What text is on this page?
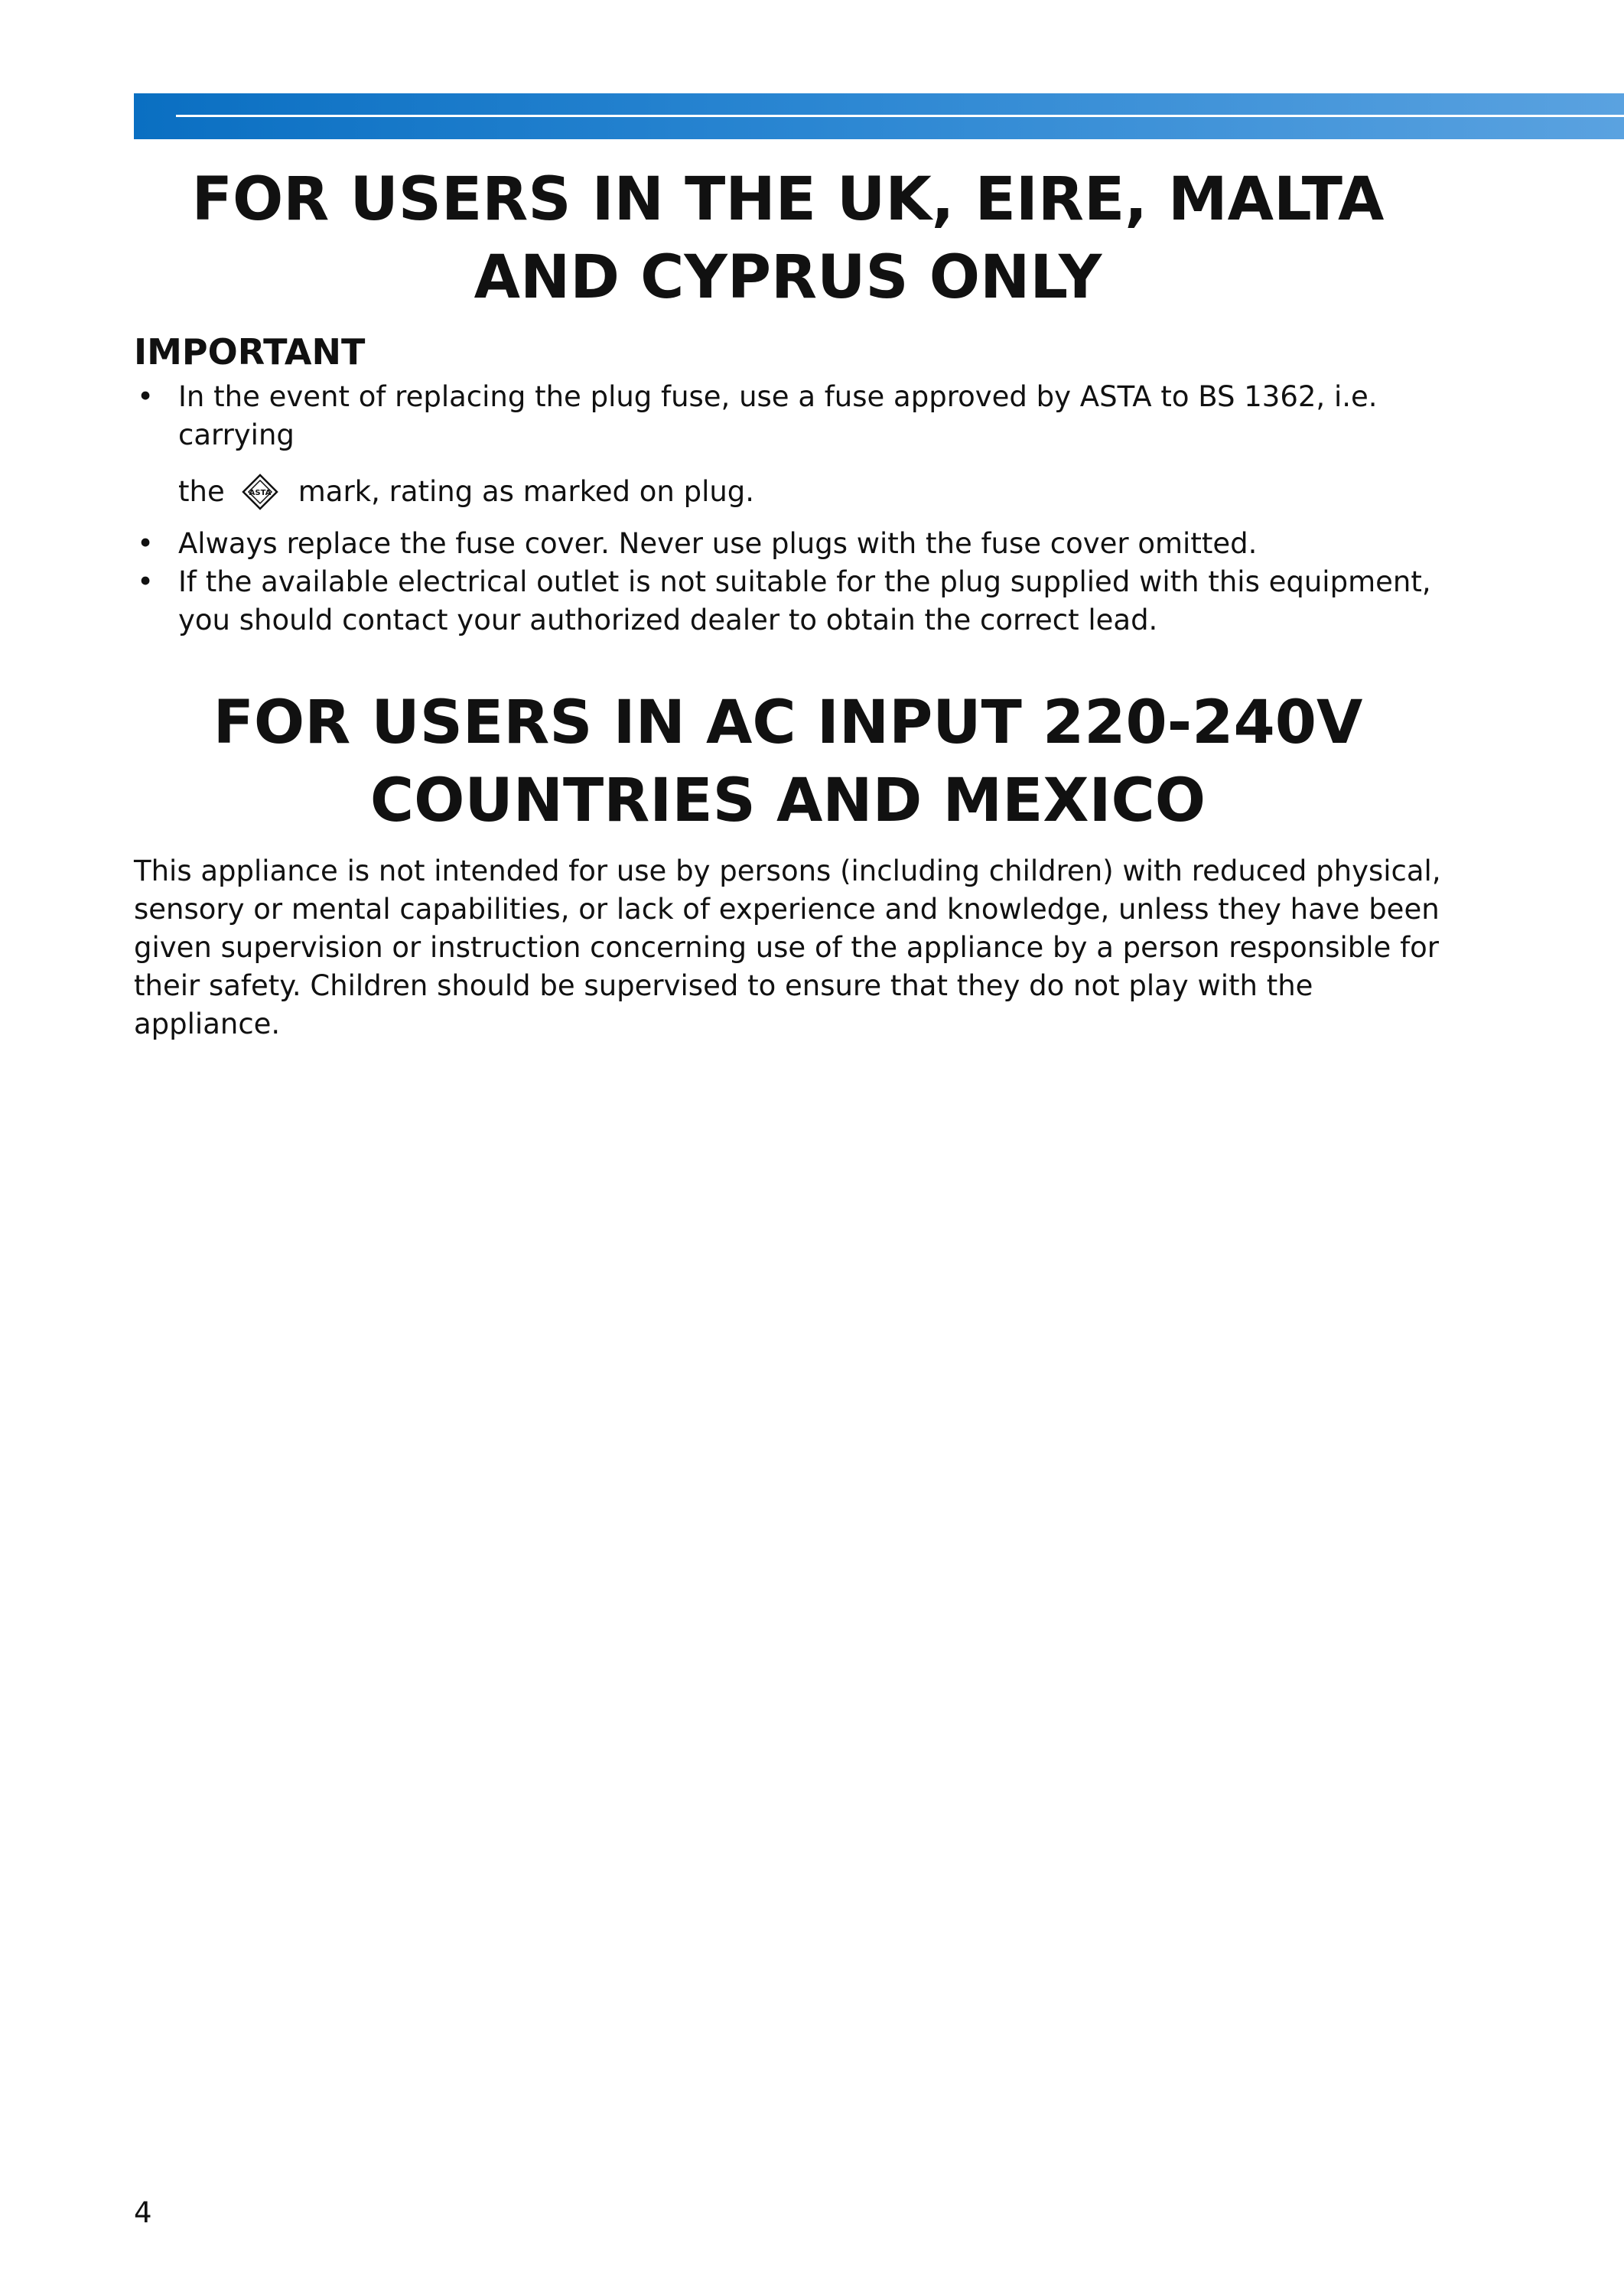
FOR USERS IN THE UK, EIRE, MALTA
AND CYPRUS ONLY
IMPORTANT
• In the event of replacing the plug fuse, use a fuse approved by ASTA to BS 1362, i.e. carrying
the	ASTA mark, rating as marked on plug.
• Always replace the fuse cover. Never use plugs with the fuse cover omitted.
• If the available electrical outlet is not suitable for the plug supplied with this equipment, you should contact your authorized dealer to obtain the correct lead.
FOR USERS IN AC INPUT 220-240V
COUNTRIES AND MEXICO

This appliance is not intended for use by persons (including children) with reduced physical, sensory or mental capabilities, or lack of experience and knowledge, unless they have been given supervision or instruction concerning use of the appliance by a person responsible for their safety. Children should be supervised to ensure that they do not play with the appliance.

4
